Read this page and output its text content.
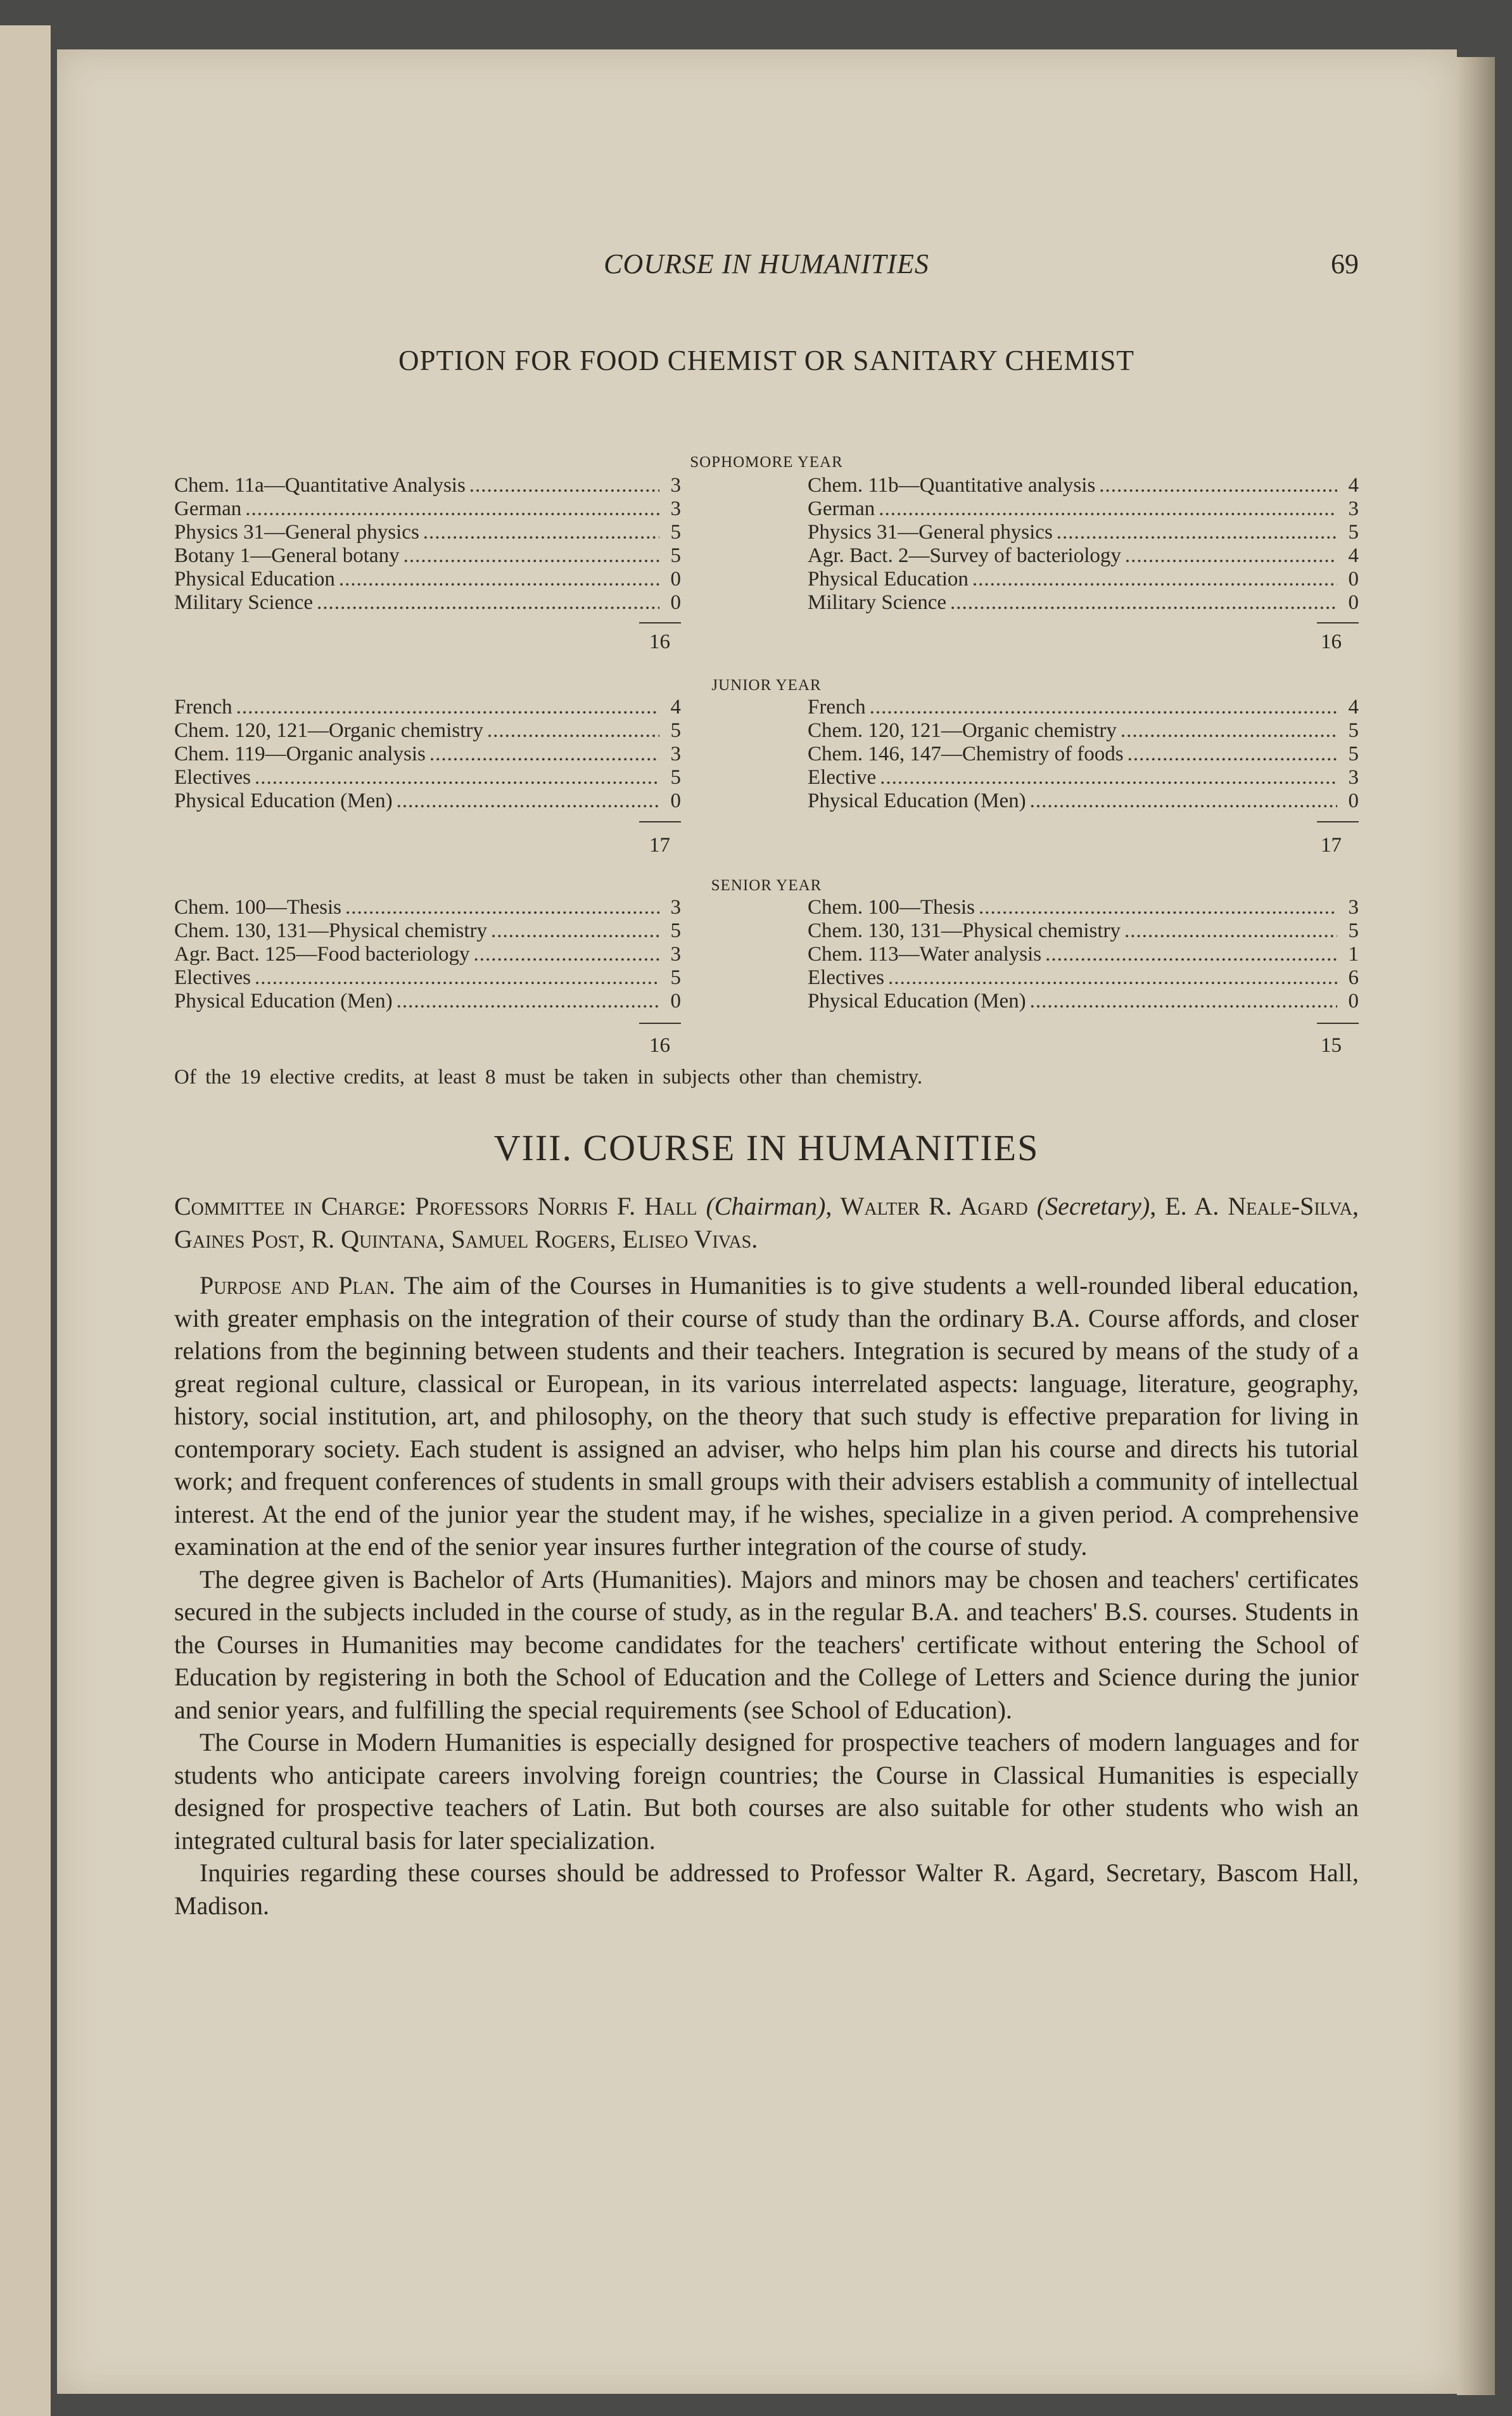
COURSE IN HUMANITIES	69
OPTION FOR FOOD CHEMIST OR SANITARY CHEMIST
SOPHOMORE YEAR
Chem. 11a—Quantitative Analysis .....	3
German .....	3
Physics 31—General physics .....	5
Botany 1—General botany .....	5
Physical Education .....	0
Military Science .....	0
Chem. 11b—Quantitative analysis .....	4
German .....	3
Physics 31—General physics .....	5
Agr. Bact. 2—Survey of bacteriology .....	4
Physical Education .....	0
Military Science .....	0
16	16
JUNIOR YEAR
French .....	4
Chem. 120, 121—Organic chemistry .....	5
Chem. 119—Organic analysis .....	3
Electives .....	5
Physical Education (Men) .....	0
French .....	4
Chem. 120, 121—Organic chemistry .....	5
Chem. 146, 147—Chemistry of foods .....	5
Elective .....	3
Physical Education (Men) .....	0
17	17
SENIOR YEAR
Chem. 100—Thesis .....	3
Chem. 130, 131—Physical chemistry .....	5
Agr. Bact. 125—Food bacteriology .....	3
Electives .....	5
Physical Education (Men) .....	0
Chem. 100—Thesis .....	3
Chem. 130, 131—Physical chemistry .....	5
Chem. 113—Water analysis .....	1
Electives .....	6
Physical Education (Men) .....	0
16	15
Of the 19 elective credits, at least 8 must be taken in subjects other than chemistry.
VIII. COURSE IN HUMANITIES
Committee in Charge: Professors Norris F. Hall (Chairman), Walter R. Agard (Secretary), E. A. Neale-Silva, Gaines Post, R. Quintana, Samuel Rogers, Eliseo Vivas.

Purpose and Plan. The aim of the Courses in Humanities is to give students a well-rounded liberal education, with greater emphasis on the integration of their course of study than the ordinary B.A. Course affords, and closer relations from the beginning between students and their teachers. Integration is secured by means of the study of a great regional culture, classical or European, in its various interrelated aspects: language, literature, geography, history, social institution, art, and philosophy, on the theory that such study is effective preparation for living in contemporary society. Each student is assigned an adviser, who helps him plan his course and directs his tutorial work; and frequent conferences of students in small groups with their advisers establish a community of intellectual interest. At the end of the junior year the student may, if he wishes, specialize in a given period. A comprehensive examination at the end of the senior year insures further integration of the course of study.

The degree given is Bachelor of Arts (Humanities). Majors and minors may be chosen and teachers' certificates secured in the subjects included in the course of study, as in the regular B.A. and teachers' B.S. courses. Students in the Courses in Humanities may become candidates for the teachers' certificate without entering the School of Education by registering in both the School of Education and the College of Letters and Science during the junior and senior years, and fulfilling the special requirements (see School of Education).

The Course in Modern Humanities is especially designed for prospective teachers of modern languages and for students who anticipate careers involving foreign countries; the Course in Classical Humanities is especially designed for prospective teachers of Latin. But both courses are also suitable for other students who wish an integrated cultural basis for later specialization.

Inquiries regarding these courses should be addressed to Professor Walter R. Agard, Secretary, Bascom Hall, Madison.
